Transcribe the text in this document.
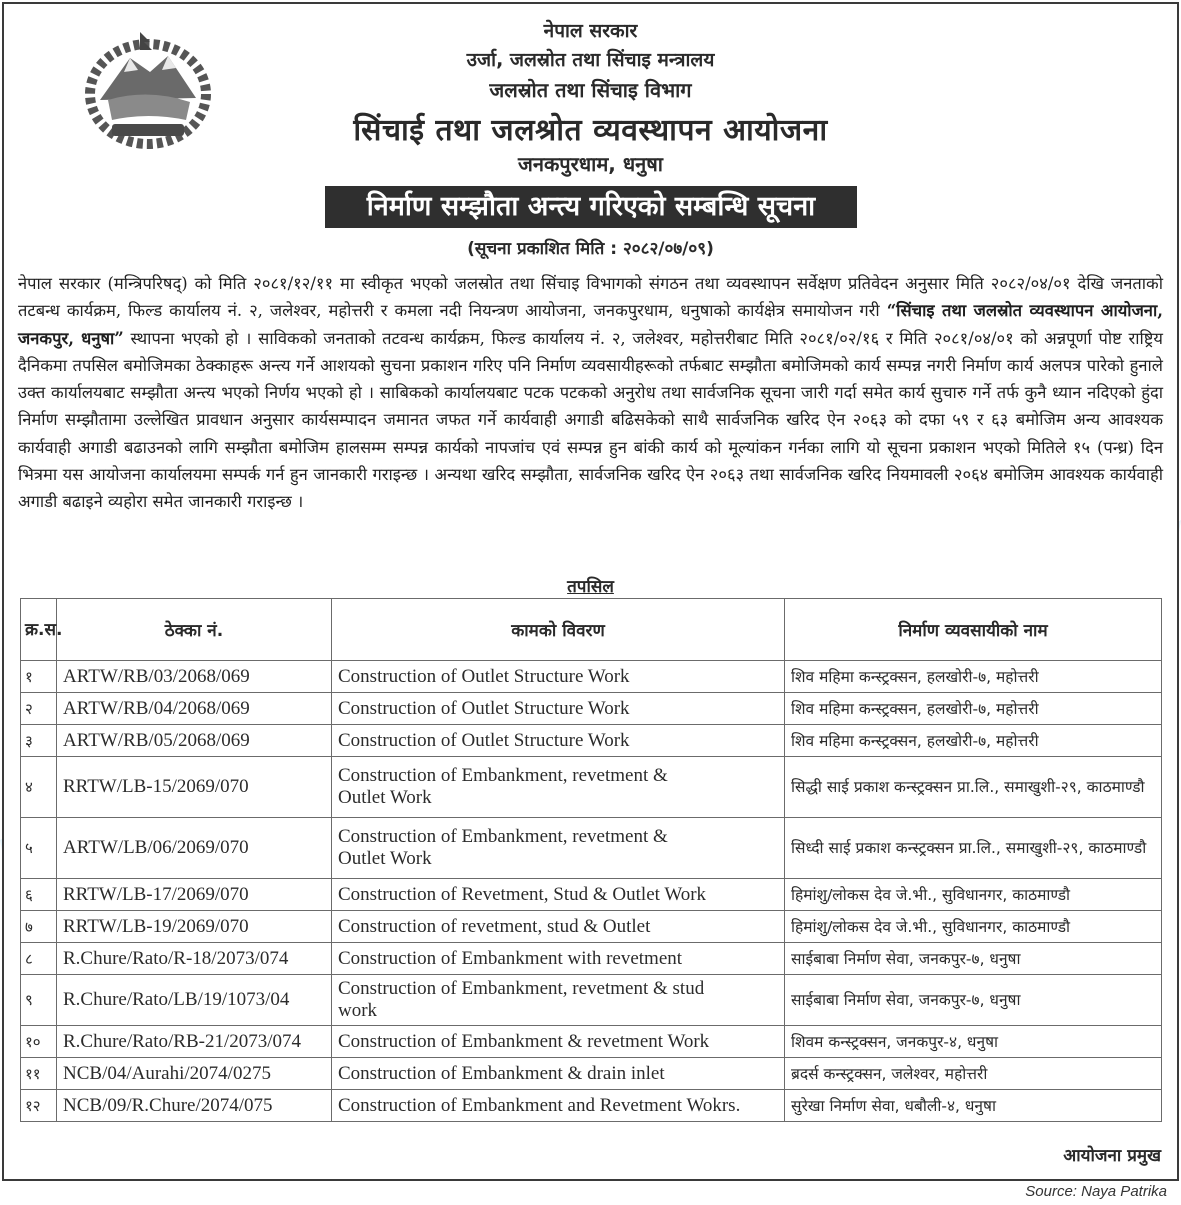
नेपाल सरकार
उर्जा, जलस्रोत तथा सिंचाइ मन्त्रालय
जलस्रोत तथा सिंचाइ विभाग
सिंचाई तथा जलश्रोत व्यवस्थापन आयोजना
जनकपुरधाम, धनुषा
निर्माण सम्झौता अन्त्य गरिएको सम्बन्धि सूचना
(सूचना प्रकाशित मिति : २०८२/०७/०९)
नेपाल सरकार (मन्त्रिपरिषद्) को मिति २०८१/१२/११ मा स्वीकृत भएको जलस्रोत तथा सिंचाइ विभागको संगठन तथा व्यवस्थापन सर्वेक्षण प्रतिवेदन अनुसार मिति २०८२/०४/०१ देखि जनताको तटबन्ध कार्यक्रम, फिल्ड कार्यालय नं. २, जलेश्वर, महोत्तरी र कमला नदी नियन्त्रण आयोजना, जनकपुरधाम, धनुषाको कार्यक्षेत्र समायोजन गरी “सिंचाइ तथा जलस्रोत व्यवस्थापन आयोजना, जनकपुर, धनुषा” स्थापना भएको हो । साविकको जनताको तटवन्ध कार्यक्रम, फिल्ड कार्यालय नं. २, जलेश्वर, महोत्तरीबाट मिति २०८१/०२/१६ र मिति २०८१/०४/०१ को अन्नपूर्णा पोष्ट राष्ट्रिय दैनिकमा तपसिल बमोजिमका ठेक्काहरू अन्त्य गर्ने आशयको सुचना प्रकाशन गरिए पनि निर्माण व्यवसायीहरूको तर्फबाट सम्झौता बमोजिमको कार्य सम्पन्न नगरी निर्माण कार्य अलपत्र पारेको हुनाले उक्त कार्यालयबाट सम्झौता अन्त्य भएको निर्णय भएको हो । साबिकको कार्यालयबाट पटक पटकको अनुरोध तथा सार्वजनिक सूचना जारी गर्दा समेत कार्य सुचारु गर्ने तर्फ कुनै ध्यान नदिएको हुंदा निर्माण सम्झौतामा उल्लेखित प्रावधान अनुसार कार्यसम्पादन जमानत जफत गर्ने कार्यवाही अगाडी बढिसकेको साथै सार्वजनिक खरिद ऐन २०६३ को दफा ५९ र ६३ बमोजिम अन्य आवश्यक कार्यवाही अगाडी बढाउनको लागि सम्झौता बमोजिम हालसम्म सम्पन्न कार्यको नापजांच एवं सम्पन्न हुन बांकी कार्य को मूल्यांकन गर्नका लागि यो सूचना प्रकाशन भएको मितिले १५ (पन्ध्र) दिन भित्रमा यस आयोजना कार्यालयमा सम्पर्क गर्न हुन जानकारी गराइन्छ । अन्यथा खरिद सम्झौता, सार्वजनिक खरिद ऐन २०६३ तथा सार्वजनिक खरिद नियमावली २०६४ बमोजिम आवश्यक कार्यवाही अगाडी बढाइने व्यहोरा समेत जानकारी गराइन्छ ।
तपसिल
क्र.स.	ठेक्का नं.	कामको विवरण	निर्माण व्यवसायीको नाम
१	ARTW/RB/03/2068/069	Construction of Outlet Structure Work	शिव महिमा कन्स्ट्रक्सन, हलखोरी-७, महोत्तरी
२	ARTW/RB/04/2068/069	Construction of Outlet Structure Work	शिव महिमा कन्स्ट्रक्सन, हलखोरी-७, महोत्तरी
३	ARTW/RB/05/2068/069	Construction of Outlet Structure Work	शिव महिमा कन्स्ट्रक्सन, हलखोरी-७, महोत्तरी
४	RRTW/LB-15/2069/070	Construction of Embankment, revetment & Outlet Work	सिद्धी साई प्रकाश कन्स्ट्रक्सन प्रा.लि., समाखुशी-२९, काठमाण्डौ
५	ARTW/LB/06/2069/070	Construction of Embankment, revetment & Outlet Work	सिध्दी साई प्रकाश कन्स्ट्रक्सन प्रा.लि., समाखुशी-२९, काठमाण्डौ
६	RRTW/LB-17/2069/070	Construction of Revetment, Stud & Outlet Work	हिमांशु/लोकस देव जे.भी., सुविधानगर, काठमाण्डौ
७	RRTW/LB-19/2069/070	Construction of revetment, stud & Outlet	हिमांशु/लोकस देव जे.भी., सुविधानगर, काठमाण्डौ
८	R.Chure/Rato/R-18/2073/074	Construction of Embankment with revetment	साईबाबा निर्माण सेवा, जनकपुर-७, धनुषा
९	R.Chure/Rato/LB/19/1073/04	Construction of Embankment, revetment & stud work	साईबाबा निर्माण सेवा, जनकपुर-७, धनुषा
१०	R.Chure/Rato/RB-21/2073/074	Construction of Embankment & revetment Work	शिवम कन्स्ट्रक्सन, जनकपुर-४, धनुषा
११	NCB/04/Aurahi/2074/0275	Construction of Embankment & drain inlet	ब्रदर्स कन्स्ट्रक्सन, जलेश्वर, महोत्तरी
१२	NCB/09/R.Chure/2074/075	Construction of Embankment and Revetment Wokrs.	सुरेखा निर्माण सेवा, धबौली-४, धनुषा
आयोजना प्रमुख
Source: Naya Patrika
